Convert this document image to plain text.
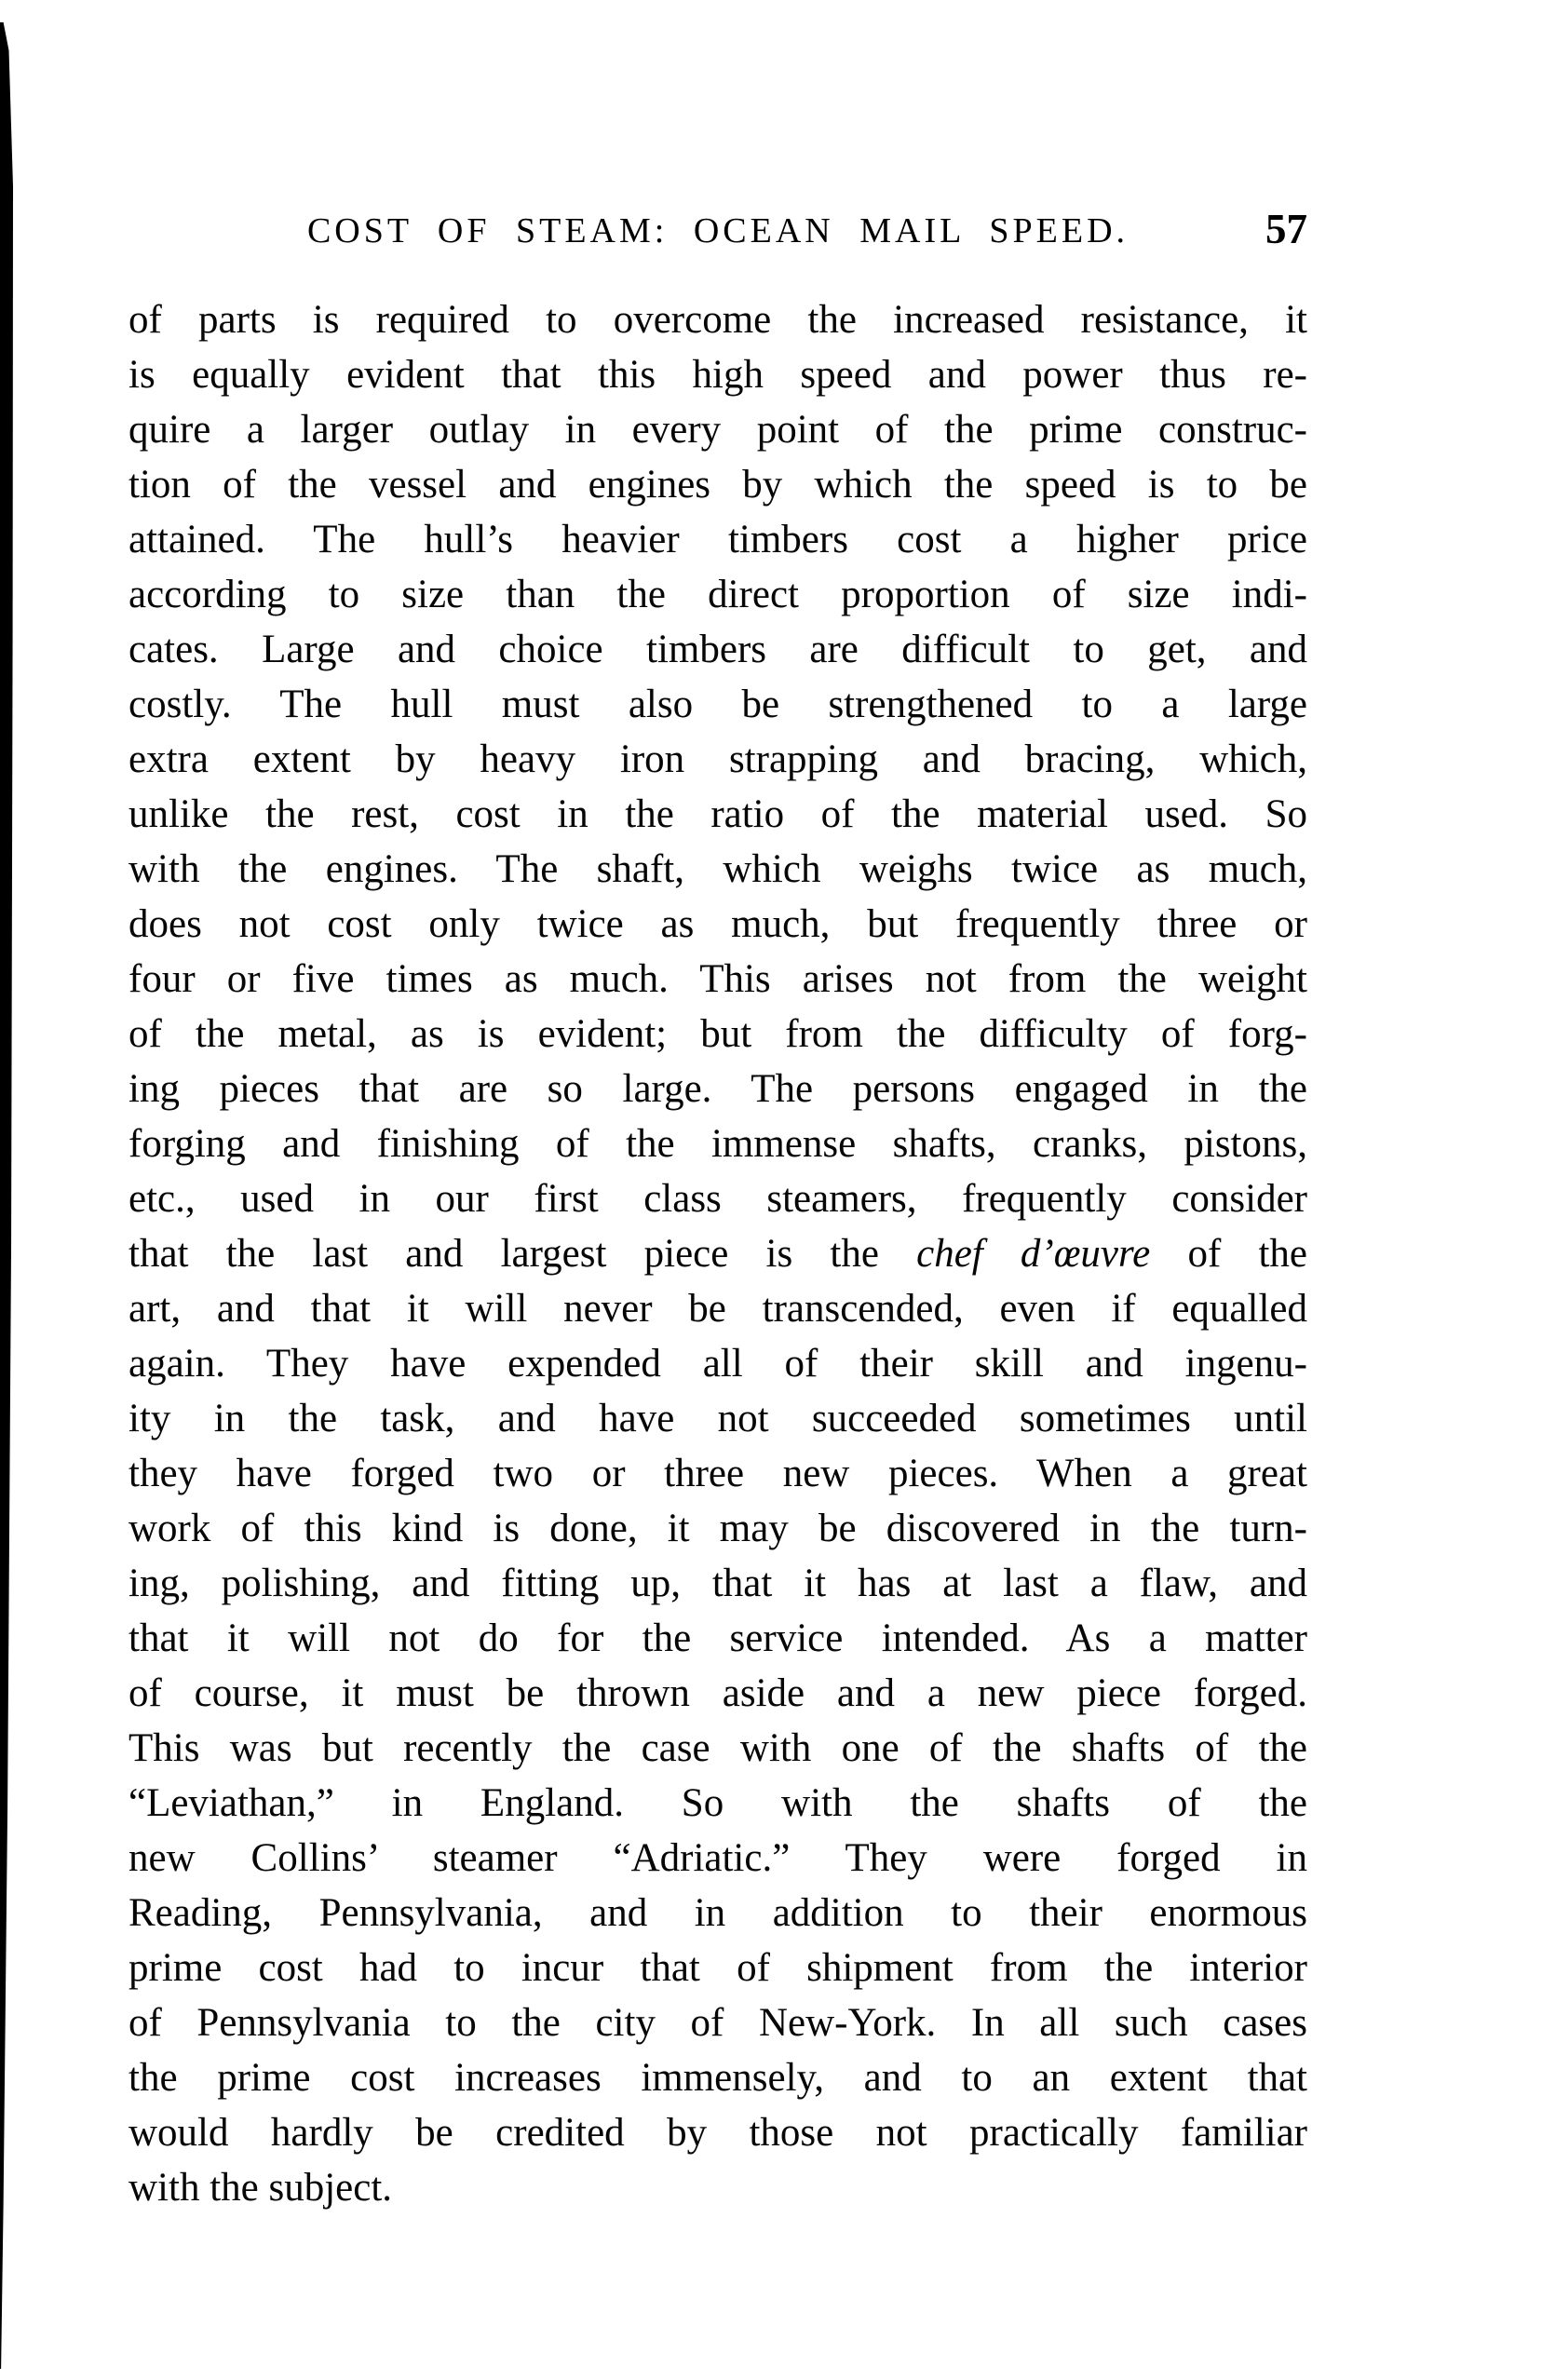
COST OF STEAM: OCEAN MAIL SPEED.	57
of parts is required to overcome the increased resistance, it
is equally evident that this high speed and power thus re-
quire a larger outlay in every point of the prime construc-
tion of the vessel and engines by which the speed is to be
attained. The hull’s heavier timbers cost a higher price
according to size than the direct proportion of size indi-
cates. Large and choice timbers are difficult to get, and
costly. The hull must also be strengthened to a large
extra extent by heavy iron strapping and bracing, which,
unlike the rest, cost in the ratio of the material used. So
with the engines. The shaft, which weighs twice as much,
does not cost only twice as much, but frequently three or
four or five times as much. This arises not from the weight
of the metal, as is evident; but from the difficulty of forg-
ing pieces that are so large. The persons engaged in the
forging and finishing of the immense shafts, cranks, pistons,
etc., used in our first class steamers, frequently consider
that the last and largest piece is the chef d’œuvre of the
art, and that it will never be transcended, even if equalled
again. They have expended all of their skill and ingenu-
ity in the task, and have not succeeded sometimes until
they have forged two or three new pieces. When a great
work of this kind is done, it may be discovered in the turn-
ing, polishing, and fitting up, that it has at last a flaw, and
that it will not do for the service intended. As a matter
of course, it must be thrown aside and a new piece forged.
This was but recently the case with one of the shafts of the
“Leviathan,” in England. So with the shafts of the
new Collins’ steamer “Adriatic.” They were forged in
Reading, Pennsylvania, and in addition to their enormous
prime cost had to incur that of shipment from the interior
of Pennsylvania to the city of New-York. In all such cases
the prime cost increases immensely, and to an extent that
would hardly be credited by those not practically familiar
with the subject.
